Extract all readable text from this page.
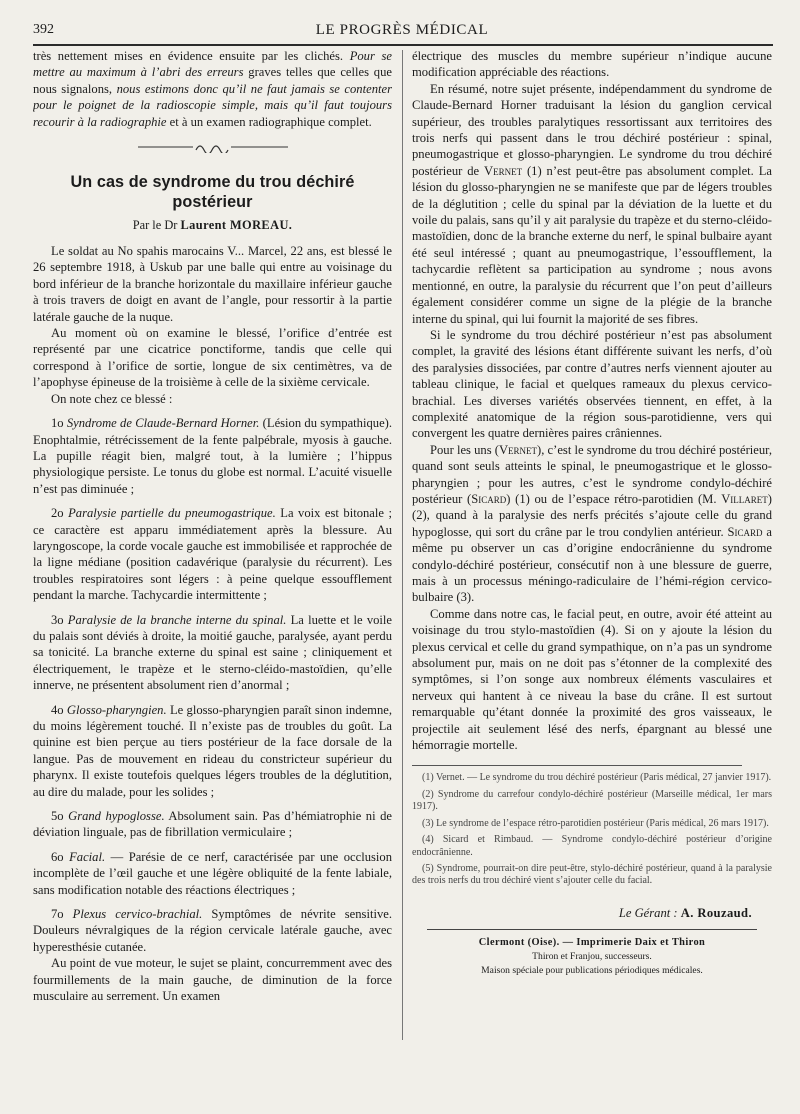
392	LE PROGRÈS MÉDICAL

très nettement mises en évidence ensuite par les clichés. Pour se mettre au maximum à l’abri des erreurs graves telles que celles que nous signalons, nous estimons donc qu’il ne faut jamais se contenter pour le poignet de la radioscopie simple, mais qu’il faut toujours recourir à la radiographie et à un examen radiographique complet.

Un cas de syndrome du trou déchiré postérieur
Par le Dr Laurent MOREAU.

Le soldat au No spahis marocains V... Marcel, 22 ans, est blessé le 26 septembre 1918, à Uskub par une balle qui entre au voisinage du bord inférieur de la branche horizontale du maxillaire inférieur gauche à trois travers de doigt en avant de l’angle, pour ressortir à la partie latérale gauche de la nuque.

Au moment où on examine le blessé, l’orifice d’entrée est représenté par une cicatrice ponctiforme, tandis que celle qui correspond à l’orifice de sortie, longue de six centimètres, va de l’apophyse épineuse de la troisième à celle de la sixième cervicale.

On note chez ce blessé :

1o Syndrome de Claude-Bernard Horner. (Lésion du sympathique). Enophtalmie, rétrécissement de la fente palpébrale, myosis à gauche. La pupille réagit bien, malgré tout, à la lumière ; l’hippus physiologique persiste. Le tonus du globe est normal. L’acuité visuelle n’est pas diminuée ;

2o Paralysie partielle du pneumogastrique. La voix est bitonale ; ce caractère est apparu immédiatement après la blessure. Au laryngoscope, la corde vocale gauche est immobilisée et rapprochée de la ligne médiane (position cadavérique (paralysie du récurrent). Les troubles respiratoires sont légers : à peine quelque essoufflement pendant la marche. Tachycardie intermittente ;

3o Paralysie de la branche interne du spinal. La luette et le voile du palais sont déviés à droite, la moitié gauche, paralysée, ayant perdu sa tonicité. La branche externe du spinal est saine ; cliniquement et électriquement, le trapèze et le sterno-cléido-mastoïdien, qu’elle innerve, ne présentent absolument rien d’anormal ;

4o Glosso-pharyngien. Le glosso-pharyngien paraît sinon indemne, du moins légèrement touché. Il n’existe pas de troubles du goût. La quinine est bien perçue au tiers postérieur de la face dorsale de la langue. Pas de mouvement en rideau du constricteur supérieur du pharynx. Il existe toutefois quelques légers troubles de la déglutition, au dire du malade, pour les solides ;

5o Grand hypoglosse. Absolument sain. Pas d’hémiatrophie ni de déviation linguale, pas de fibrillation vermiculaire ;

6o Facial. — Parésie de ce nerf, caractérisée par une occlusion incomplète de l’œil gauche et une légère obliquité de la fente labiale, sans modification notable des réactions électriques ;

7o Plexus cervico-brachial. Symptômes de névrite sensitive. Douleurs névralgiques de la région cervicale latérale gauche, avec hyperesthésie cutanée.

Au point de vue moteur, le sujet se plaint, concurremment avec des fourmillements de la main gauche, de diminution de la force musculaire au serrement. Un examen

électrique des muscles du membre supérieur n’indique aucune modification appréciable des réactions.

En résumé, notre sujet présente, indépendamment du syndrome de Claude-Bernard Horner traduisant la lésion du ganglion cervical supérieur, des troubles paralytiques ressortissant aux territoires des trois nerfs qui passent dans le trou déchiré postérieur : spinal, pneumogastrique et glosso-pharyngien. Le syndrome du trou déchiré postérieur de Vernet (1) n’est peut-être pas absolument complet. La lésion du glosso-pharyngien ne se manifeste que par de légers troubles de la déglutition ; celle du spinal par la déviation de la luette et du voile du palais, sans qu’il y ait paralysie du trapèze et du sterno-cléido-mastoïdien, donc de la branche externe du nerf, le spinal bulbaire ayant été seul intéressé ; quant au pneumogastrique, l’essoufflement, la tachycardie reflètent sa participation au syndrome ; nous avons mentionné, en outre, la paralysie du récurrent que l’on peut d’ailleurs également considérer comme un signe de la plégie de la branche interne du spinal, qui lui fournit la majorité de ses fibres.

Si le syndrome du trou déchiré postérieur n’est pas absolument complet, la gravité des lésions étant différente suivant les nerfs, d’où des paralysies dissociées, par contre d’autres nerfs viennent ajouter au tableau clinique, le facial et quelques rameaux du plexus cervico-brachial. Les diverses variétés observées tiennent, en effet, à la complexité anatomique de la région sous-parotidienne, vers qui convergent les quatre dernières paires crâniennes.

Pour les uns (Vernet), c’est le syndrome du trou déchiré postérieur, quand sont seuls atteints le spinal, le pneumogastrique et le glosso-pharyngien ; pour les autres, c’est le syndrome condylo-déchiré postérieur (Sicard) (1) ou de l’espace rétro-parotidien (M. Villaret) (2), quand à la paralysie des nerfs précités s’ajoute celle du grand hypoglosse, qui sort du crâne par le trou condylien antérieur. Sicard a même pu observer un cas d’origine endocrânienne du syndrome condylo-déchiré postérieur, consécutif non à une blessure de guerre, mais à un processus méningo-radiculaire de l’hémi-région cervico-bulbaire (3).

Comme dans notre cas, le facial peut, en outre, avoir été atteint au voisinage du trou stylo-mastoïdien (4). Si on y ajoute la lésion du plexus cervical et celle du grand sympathique, on n’a pas un syndrome absolument pur, mais on ne doit pas s’étonner de la complexité des symptômes, si l’on songe aux nombreux éléments vasculaires et nerveux qui hantent à ce niveau la base du crâne. Il est surtout remarquable qu’étant donnée la proximité des gros vaisseaux, le projectile ait seulement lésé des nerfs, épargnant au blessé une hémorragie mortelle.

(1) Vernet. — Le syndrome du trou déchiré postérieur (Paris médical, 27 janvier 1917).

(2) Syndrome du carrefour condylo-déchiré postérieur (Marseille médical, 1er mars 1917).

(3) Le syndrome de l’espace rétro-parotidien postérieur (Paris médical, 26 mars 1917).

(4) Sicard et Rimbaud. — Syndrome condylo-déchiré postérieur d’origine endocrânienne.

(5) Syndrome, pourrait-on dire peut-être, stylo-déchiré postérieur, quand à la paralysie des trois nerfs du trou déchiré vient s’ajouter celle du facial.

Le Gérant : A. Rouzaud.
Clermont (Oise). — Imprimerie Daix et Thiron
Thiron et Franjou, successeurs.
Maison spéciale pour publications périodiques médicales.
